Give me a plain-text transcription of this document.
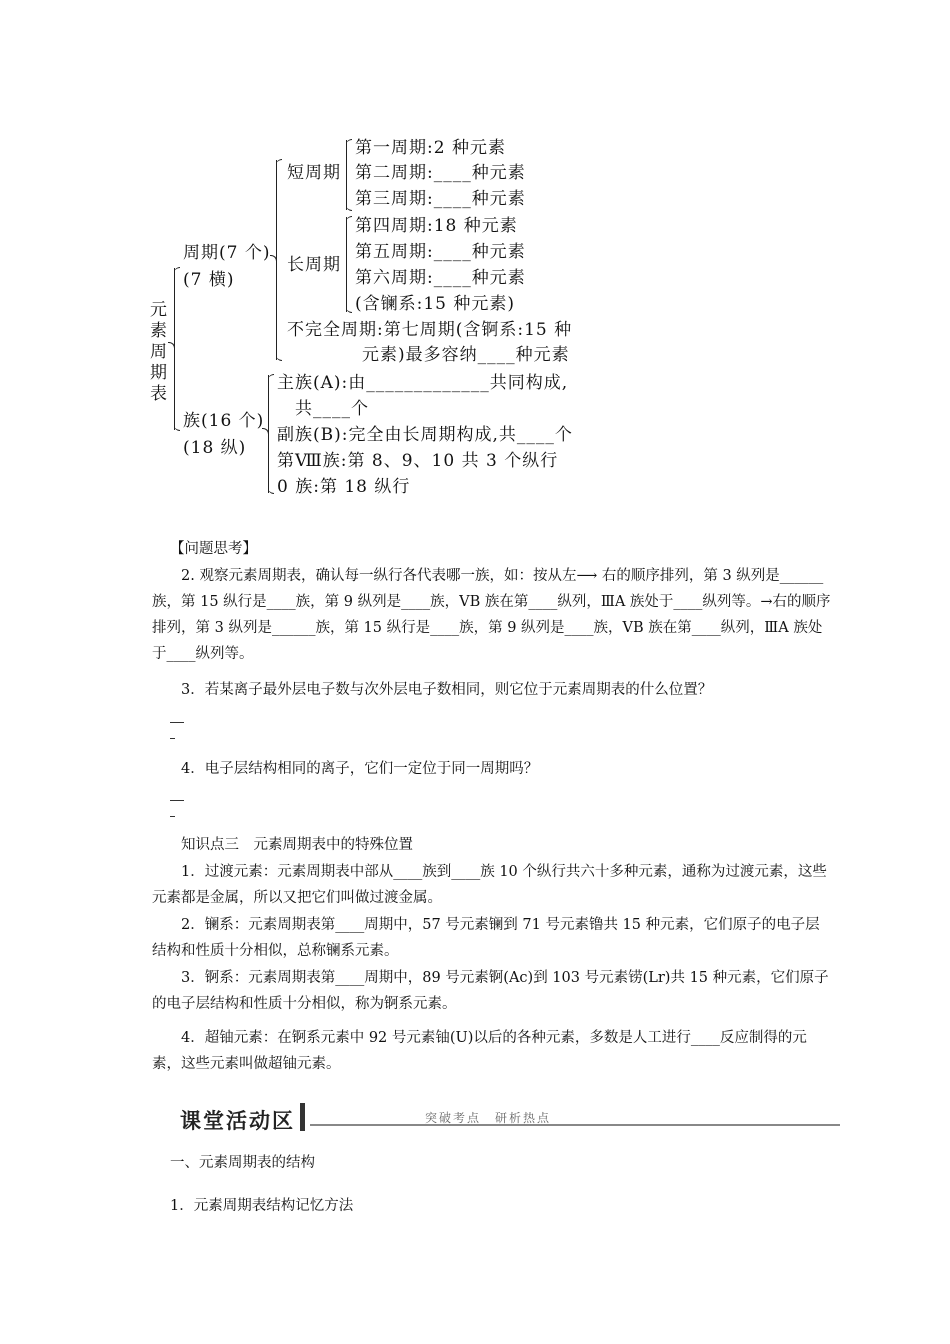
元素周期表
周期(7 个)
(7 横)
短周期
第一周期:2 种元素
第二周期:____种元素
第三周期:____种元素
长周期
第四周期:18 种元素
第五周期:____种元素
第六周期:____种元素
(含镧系:15 种元素)
不完全周期:第七周期(含锕系:15 种
元素)最多容纳____种元素
族(16 个)
(18 纵)
主族(A):由_____________共同构成,
共____个
副族(B):完全由长周期构成,共____个
第Ⅷ族:第 8、9、10 共 3 个纵行
0 族:第 18 纵行
【问题思考】
2. 观察元素周期表，确认每一纵行各代表哪一族，如：按从左⟶ 右的顺序排列，第 3 纵列是______族，第 15 纵行是____族，第 9 纵列是____族，ⅤB 族在第____纵列，ⅢA 族处于____纵列等。→右的顺序排列，第 3 纵列是______族，第 15 纵行是____族，第 9 纵列是____族，ⅤB 族在第____纵列，ⅢA 族处于____纵列等。
3．若某离子最外层电子数与次外层电子数相同，则它位于元素周期表的什么位置？
4．电子层结构相同的离子，它们一定位于同一周期吗？
知识点三　元素周期表中的特殊位置
1．过渡元素：元素周期表中部从____族到____族 10 个纵行共六十多种元素，通称为过渡元素，这些元素都是金属，所以又把它们叫做过渡金属。
2．镧系：元素周期表第____周期中，57 号元素镧到 71 号元素镥共 15 种元素，它们原子的电子层结构和性质十分相似，总称镧系元素。
3．锕系：元素周期表第____周期中，89 号元素锕(Ac)到 103 号元素铹(Lr)共 15 种元素，它们原子的电子层结构和性质十分相似，称为锕系元素。
4．超铀元素：在锕系元素中 92 号元素铀(U)以后的各种元素，多数是人工进行____反应制得的元素，这些元素叫做超铀元素。
课堂活动区	突破考点　研析热点
一、元素周期表的结构
1．元素周期表结构记忆方法
